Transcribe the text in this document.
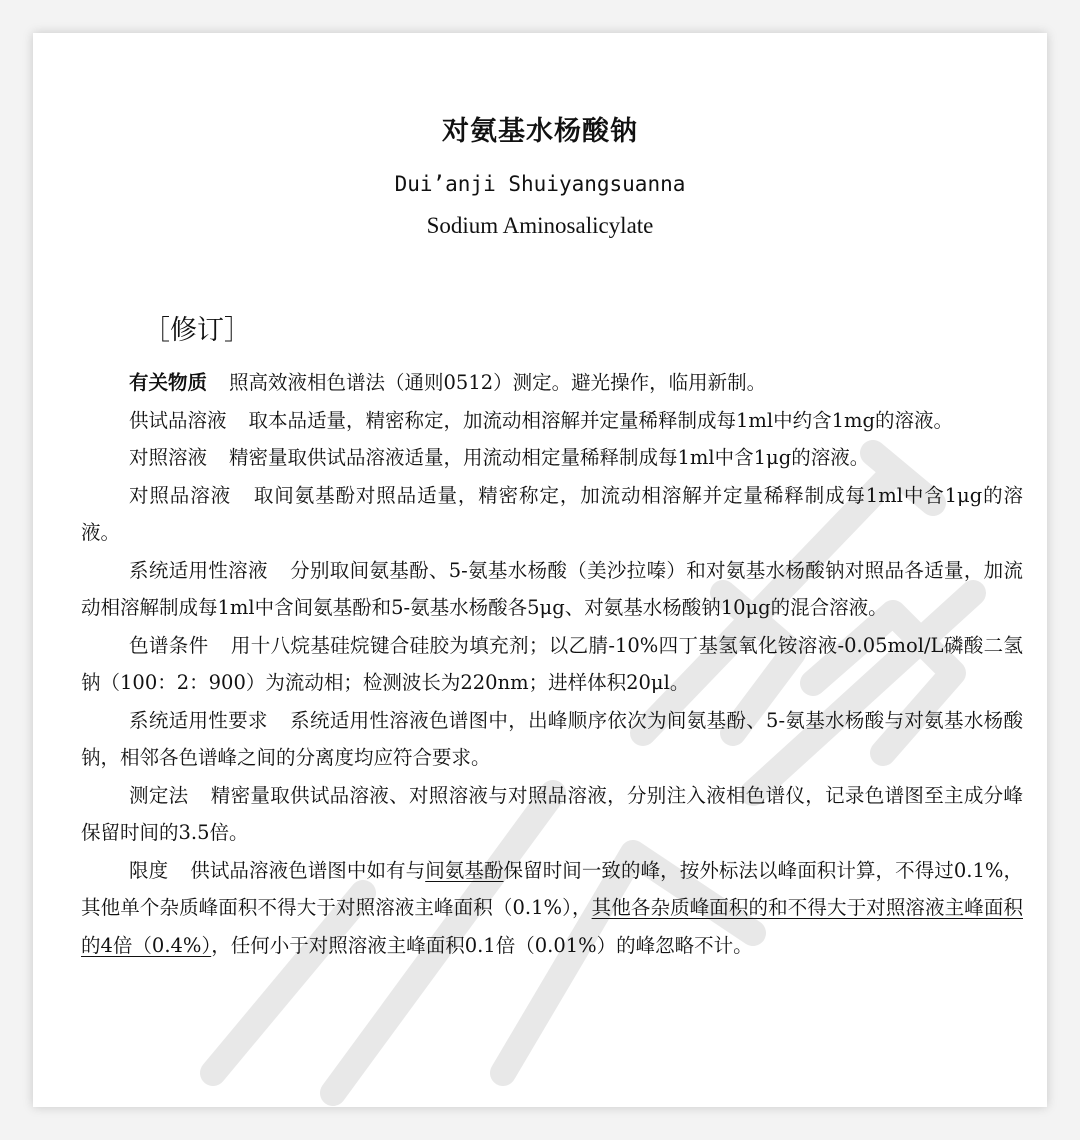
对氨基水杨酸钠
Dui’anji Shuiyangsuanna
Sodium Aminosalicylate
［修订］

有关物质 照高效液相色谱法（通则0512）测定。避光操作，临用新制。

供试品溶液 取本品适量，精密称定，加流动相溶解并定量稀释制成每1ml中约含1mg的溶液。

对照溶液 精密量取供试品溶液适量，用流动相定量稀释制成每1ml中含1μg的溶液。

对照品溶液 取间氨基酚对照品适量，精密称定，加流动相溶解并定量稀释制成每1ml中含1μg的溶液。

系统适用性溶液 分别取间氨基酚、5-氨基水杨酸（美沙拉嗪）和对氨基水杨酸钠对照品各适量，加流动相溶解制成每1ml中含间氨基酚和5-氨基水杨酸各5μg、对氨基水杨酸钠10μg的混合溶液。

色谱条件 用十八烷基硅烷键合硅胶为填充剂；以乙腈-10%四丁基氢氧化铵溶液-0.05mol/L磷酸二氢钠（100：2：900）为流动相；检测波长为220nm；进样体积20μl。

系统适用性要求 系统适用性溶液色谱图中，出峰顺序依次为间氨基酚、5-氨基水杨酸与对氨基水杨酸钠，相邻各色谱峰之间的分离度均应符合要求。

测定法 精密量取供试品溶液、对照溶液与对照品溶液，分别注入液相色谱仪，记录色谱图至主成分峰保留时间的3.5倍。

限度 供试品溶液色谱图中如有与间氨基酚保留时间一致的峰，按外标法以峰面积计算，不得过0.1%，其他单个杂质峰面积不得大于对照溶液主峰面积（0.1%），其他各杂质峰面积的和不得大于对照溶液主峰面积的4倍（0.4%），任何小于对照溶液主峰面积0.1倍（0.01%）的峰忽略不计。
